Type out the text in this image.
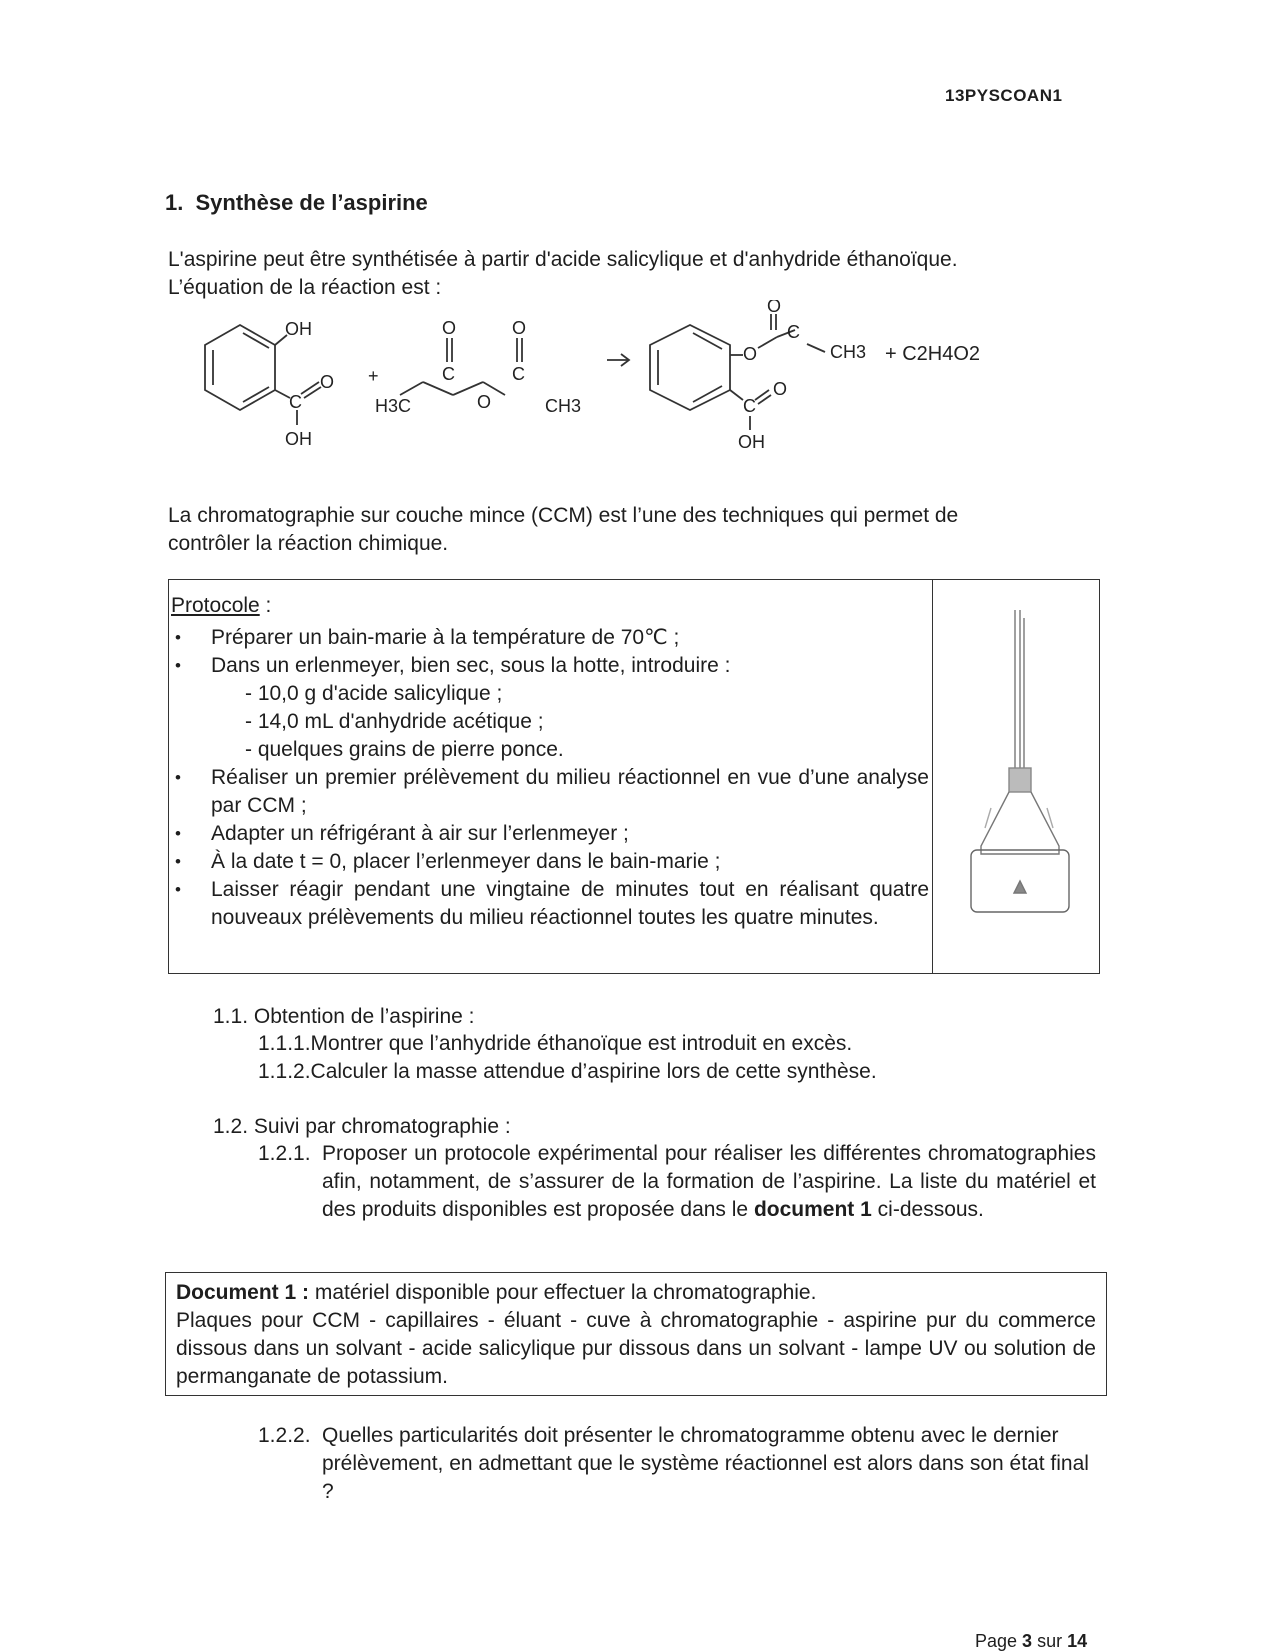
13PYSCOAN1
1. Synthèse de l’aspirine
L'aspirine peut être synthétisée à partir d'acide salicylique et d'anhydride éthanoïque.
L’équation de la réaction est :
OH
C
O
OH
+
O	O
C	C
H3C	O	CH3
O
O
C
CH3 + C2H4O2
C
O
OH
La chromatographie sur couche mince (CCM) est l’une des techniques qui permet de
contrôler la réaction chimique.
Protocole :
• Préparer un bain-marie à la température de 70℃ ;
• Dans un erlenmeyer, bien sec, sous la hotte, introduire :
- 10,0 g d'acide salicylique ;
- 14,0 mL d'anhydride acétique ;
- quelques grains de pierre ponce.
• Réaliser un premier prélèvement du milieu réactionnel en vue d’une analyse par CCM ;
• Adapter un réfrigérant à air sur l’erlenmeyer ;
• À la date t = 0, placer l’erlenmeyer dans le bain-marie ;
• Laisser réagir pendant une vingtaine de minutes tout en réalisant quatre nouveaux prélèvements du milieu réactionnel toutes les quatre minutes.
1.1. Obtention de l’aspirine :
1.1.1.Montrer que l’anhydride éthanoïque est introduit en excès.
1.1.2.Calculer la masse attendue d’aspirine lors de cette synthèse.
1.2. Suivi par chromatographie :
1.2.1. Proposer un protocole expérimental pour réaliser les différentes chromatographies afin, notamment, de s’assurer de la formation de l’aspirine. La liste du matériel et des produits disponibles est proposée dans le document 1 ci-dessous.
Document 1 : matériel disponible pour effectuer la chromatographie.
Plaques pour CCM - capillaires - éluant - cuve à chromatographie - aspirine pur du commerce dissous dans un solvant - acide salicylique pur dissous dans un solvant - lampe UV ou solution de permanganate de potassium.
1.2.2. Quelles particularités doit présenter le chromatogramme obtenu avec le dernier prélèvement, en admettant que le système réactionnel est alors dans son état final ?
Page 3 sur 14
